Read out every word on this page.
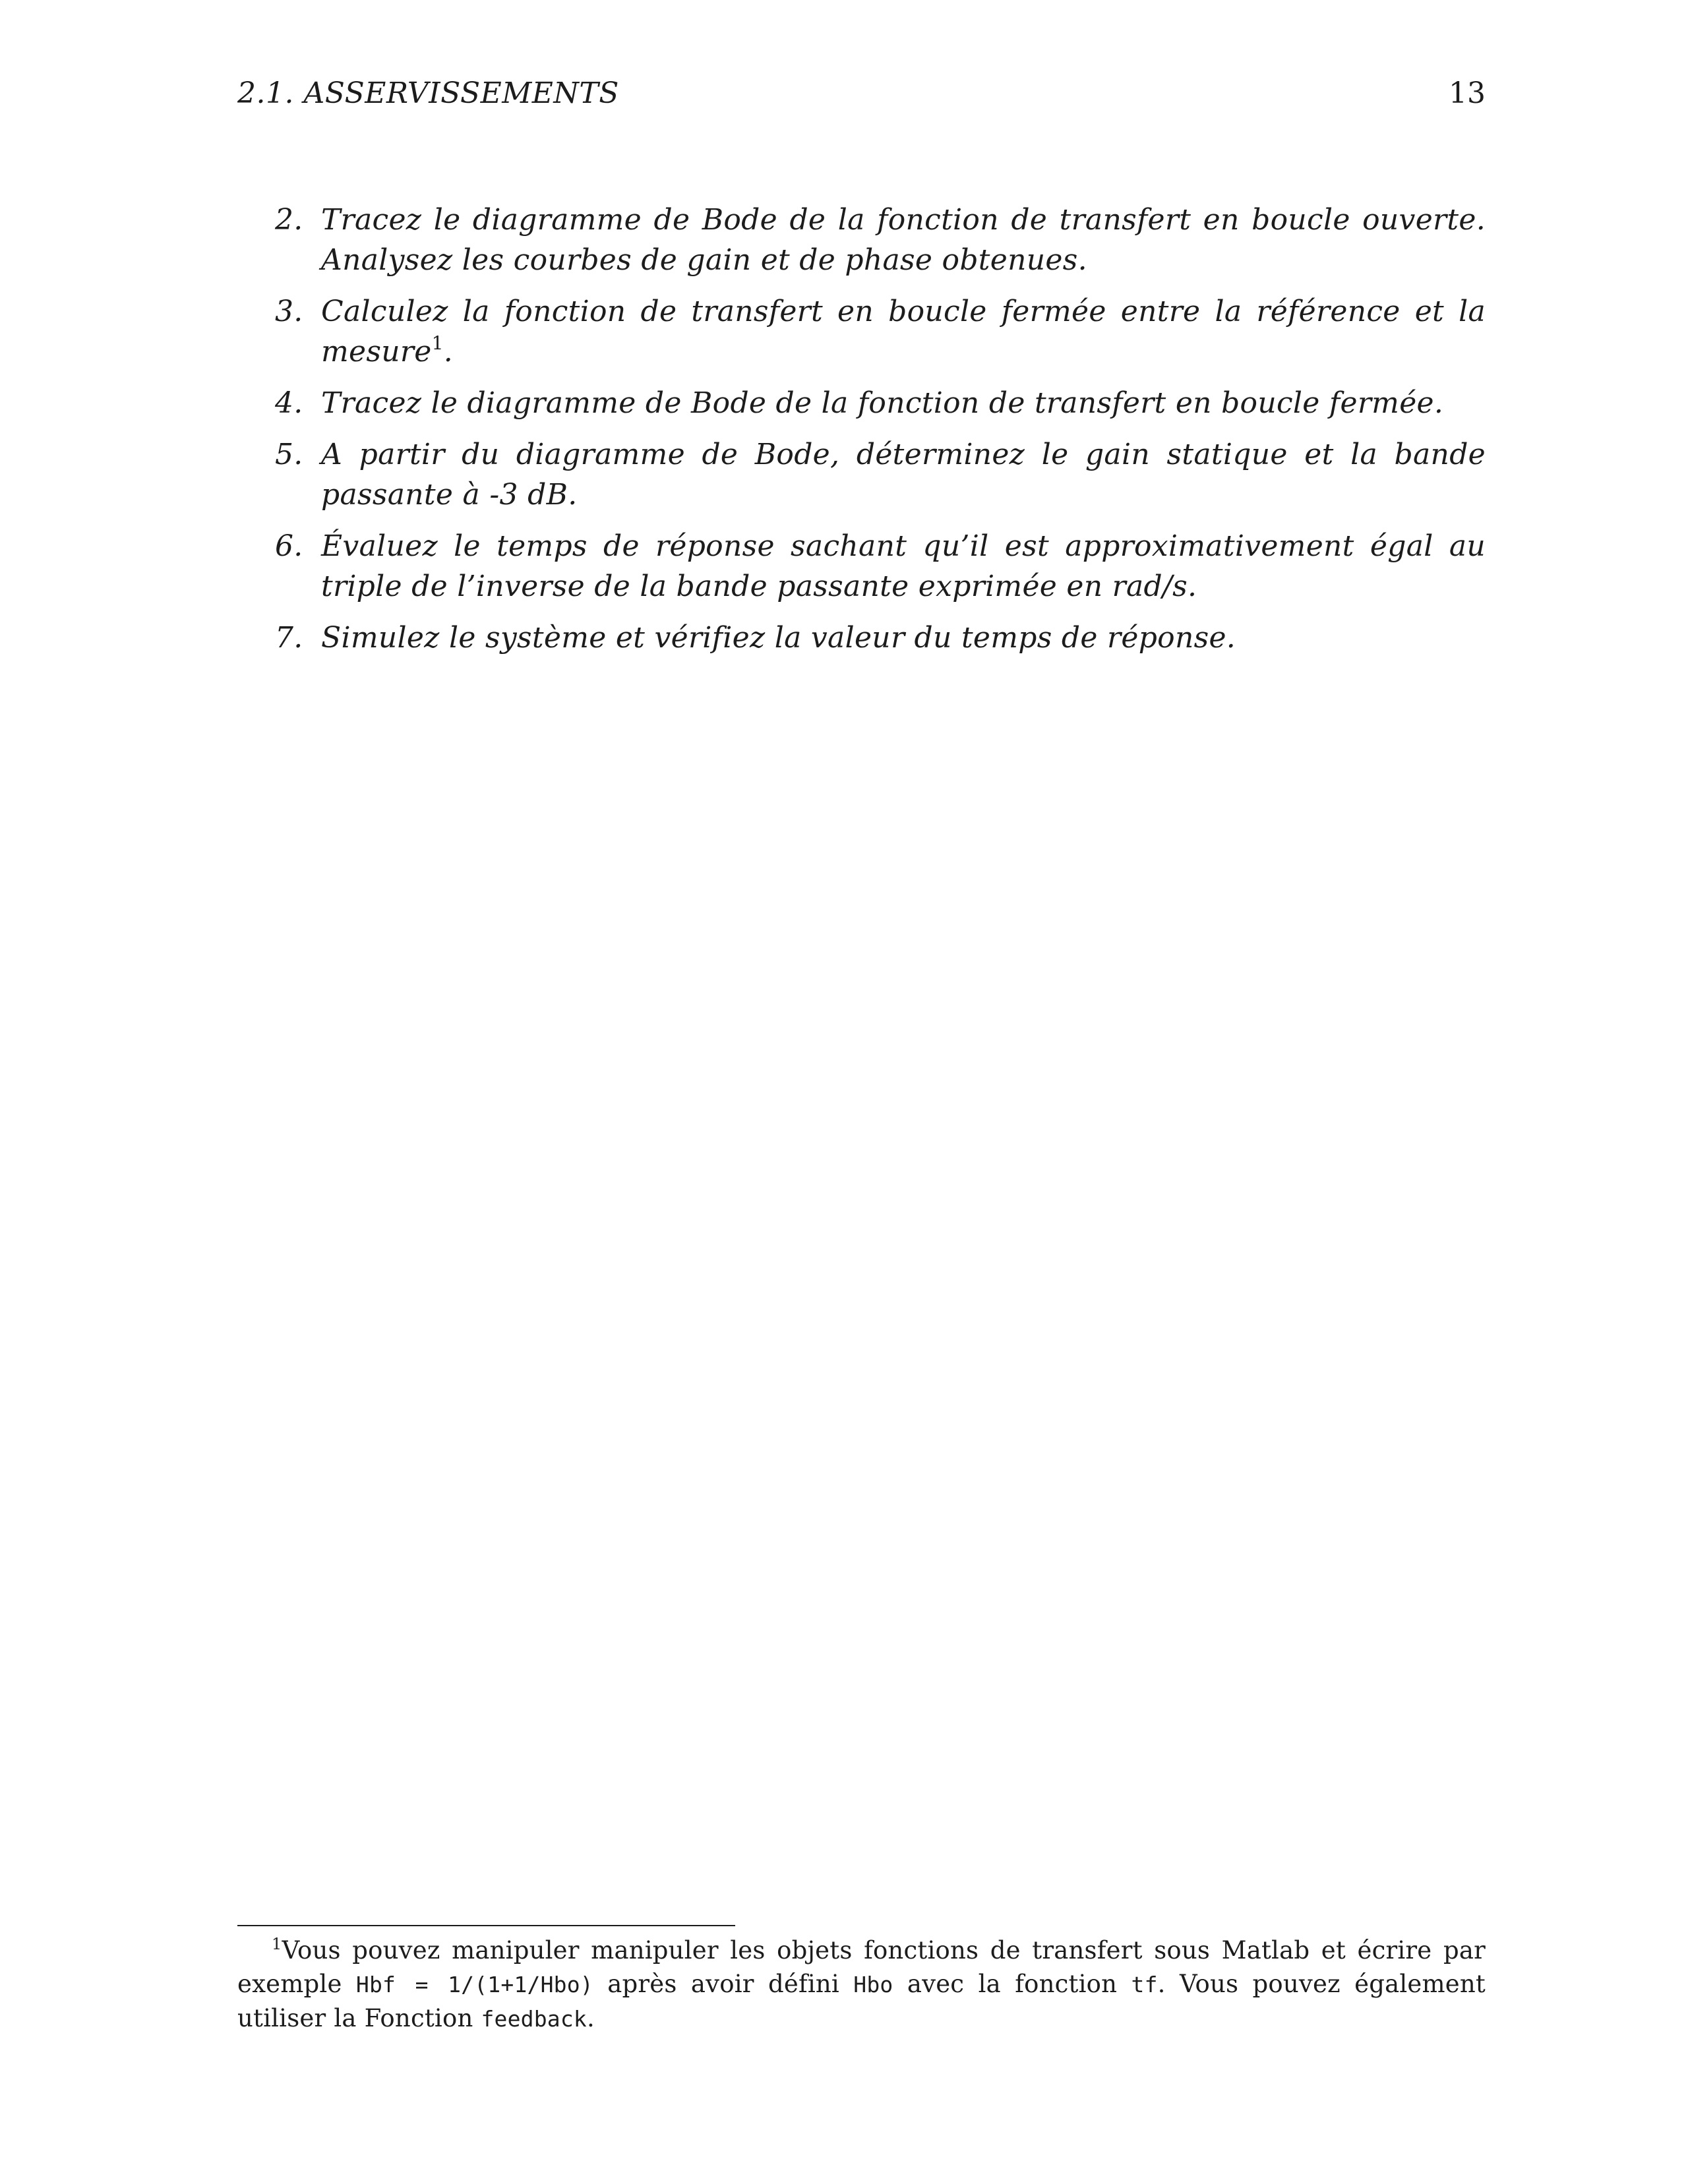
2.1. ASSERVISSEMENTS	13
2. Tracez le diagramme de Bode de la fonction de transfert en boucle ouverte. Analysez les courbes de gain et de phase obtenues.
3. Calculez la fonction de transfert en boucle fermée entre la référence et la mesure$^1$.
4. Tracez le diagramme de Bode de la fonction de transfert en boucle fermée.
5. A partir du diagramme de Bode, déterminez le gain statique et la bande passante à -3 dB.
6. Évaluez le temps de réponse sachant qu’il est approximativement égal au triple de l’inverse de la bande passante exprimée en rad/s.
7. Simulez le système et vérifiez la valeur du temps de réponse.

$^1$Vous pouvez manipuler manipuler les objets fonctions de transfert sous Matlab et écrire par exemple Hbf = 1/(1+1/Hbo) après avoir défini Hbo avec la fonction tf. Vous pouvez également utiliser la Fonction feedback.
